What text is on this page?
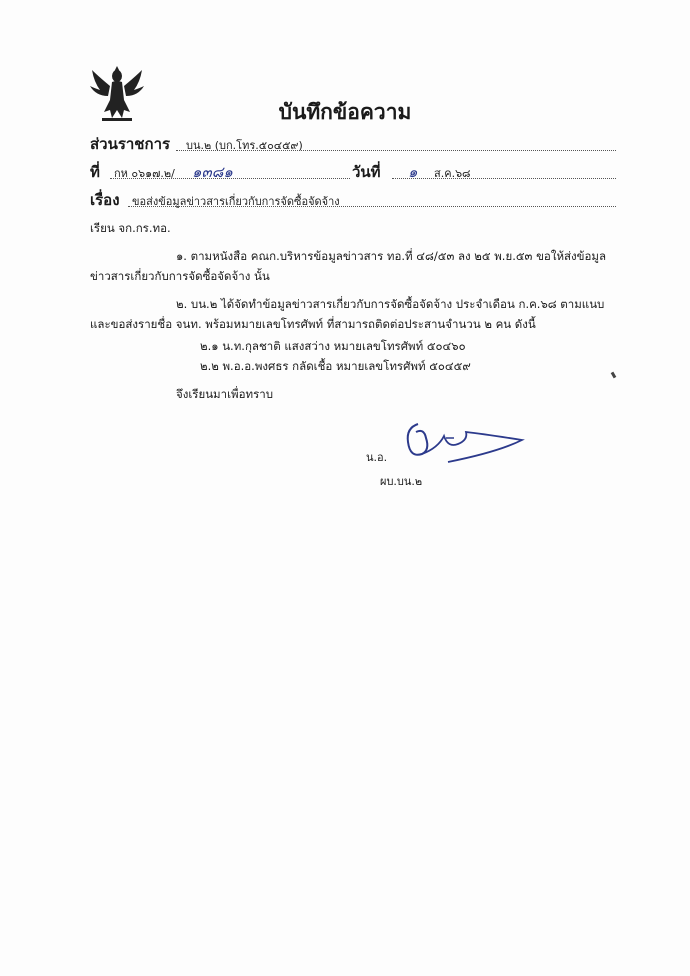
บันทึกข้อความ
ส่วนราชการ บน.๒ (บก.โทร.๕๐๔๕๙)
ที่ กห ๐๖๑๗.๒/ ๑๓๘๑	วันที่ ๑ ส.ค.๖๘
เรื่อง ขอส่งข้อมูลข่าวสารเกี่ยวกับการจัดซื้อจัดจ้าง
เรียน จก.กร.ทอ.
๑. ตามหนังสือ คณก.บริหารข้อมูลข่าวสาร ทอ.ที่ ๔๘/๕๓ ลง ๒๕ พ.ย.๕๓ ขอให้ส่งข้อมูล
ข่าวสารเกี่ยวกับการจัดซื้อจัดจ้าง นั้น
๒. บน.๒ ได้จัดทำข้อมูลข่าวสารเกี่ยวกับการจัดซื้อจัดจ้าง ประจำเดือน ก.ค.๖๘ ตามแนบ
และขอส่งรายชื่อ จนท. พร้อมหมายเลขโทรศัพท์ ที่สามารถติดต่อประสานจำนวน ๒ คน ดังนี้
๒.๑ น.ท.กุลชาติ แสงสว่าง หมายเลขโทรศัพท์ ๕๐๔๖๐
๒.๒ พ.อ.อ.พงศธร กลัดเชื้อ หมายเลขโทรศัพท์ ๕๐๔๕๙
จึงเรียนมาเพื่อทราบ
น.อ.
ผบ.บน.๒
